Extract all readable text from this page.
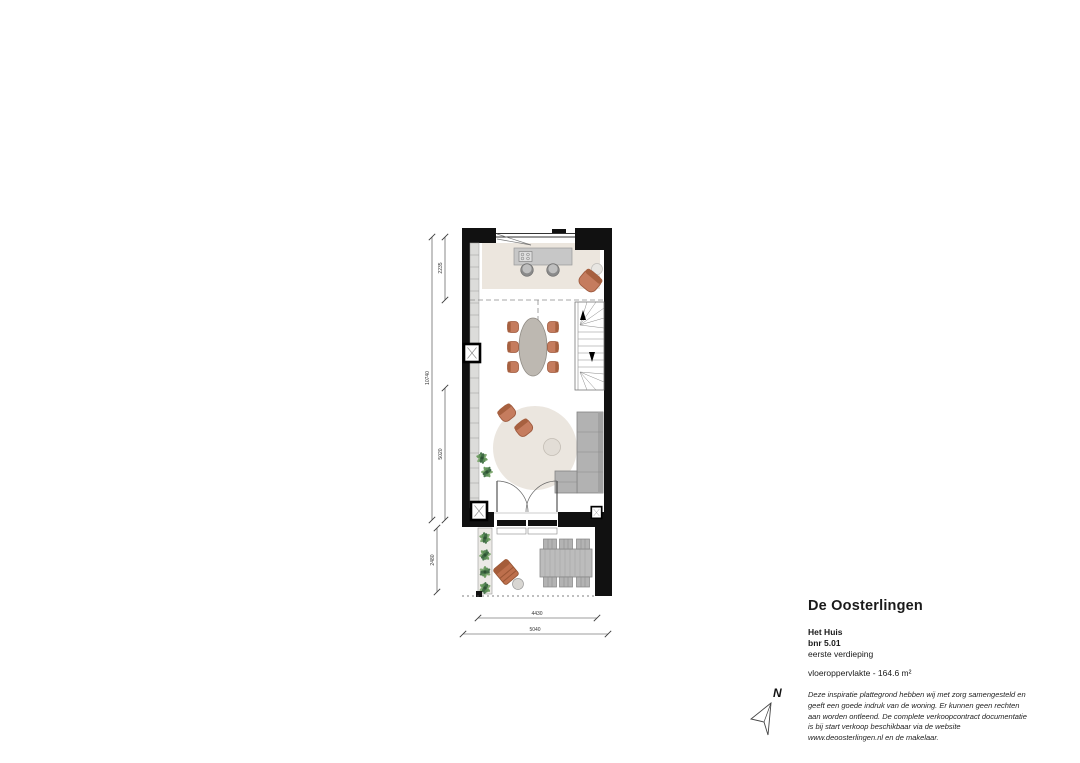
10740
2235
5020
2480
4430
5040
N
De Oosterlingen
Het Huis
bnr 5.01
eerste verdieping
vloeroppervlakte - 164.6 m²
Deze inspiratie plattegrond hebben wij met zorg samengesteld en geeft een goede indruk van de woning. Er kunnen geen rechten aan worden ontleend. De complete verkoopcontract documentatie is bij start verkoop beschikbaar via de website www.deoosterlingen.nl en de makelaar.
